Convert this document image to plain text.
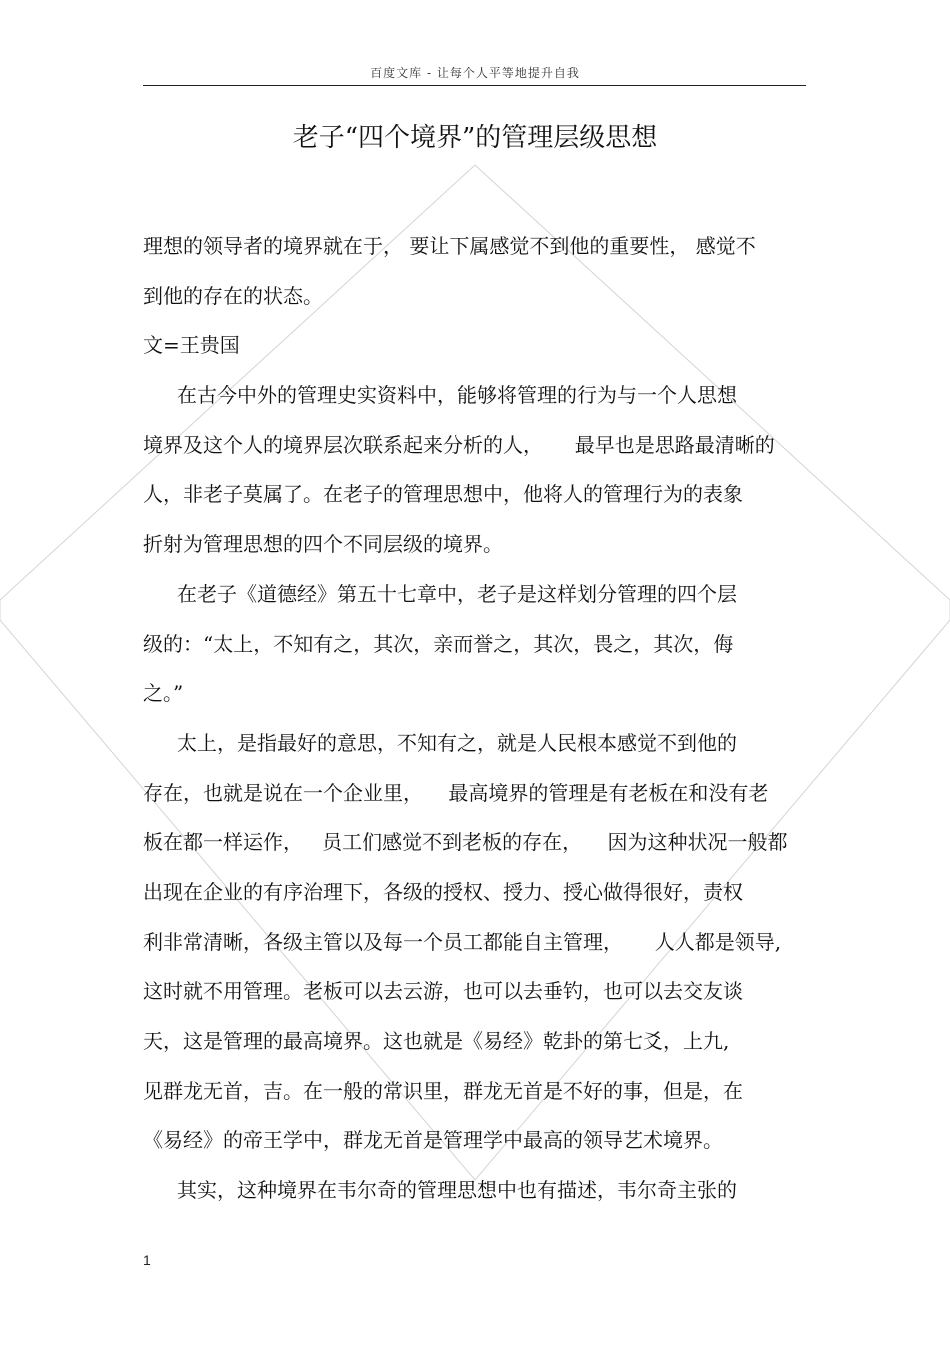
百度文库 - 让每个人平等地提升自我
老子“四个境界”的管理层级思想
理想的领导者的境界就在于， 要让下属感觉不到他的重要性， 感觉不
到他的存在的状态。
文=王贵国
在古今中外的管理史实资料中，能够将管理的行为与一个人思想
境界及这个人的境界层次联系起来分析的人，     最早也是思路最清晰的
人，非老子莫属了。在老子的管理思想中，他将人的管理行为的表象
折射为管理思想的四个不同层级的境界。
在老子《道德经》第五十七章中，老子是这样划分管理的四个层
级的：“太上，不知有之，其次，亲而誉之，其次，畏之，其次，侮
之。”
太上，是指最好的意思，不知有之，就是人民根本感觉不到他的
存在，也就是说在一个企业里，    最高境界的管理是有老板在和没有老
板在都一样运作，   员工们感觉不到老板的存在，    因为这种状况一般都
出现在企业的有序治理下，各级的授权、授力、授心做得很好，责权
利非常清晰，各级主管以及每一个员工都能自主管理，     人人都是领导,
这时就不用管理。老板可以去云游，也可以去垂钓，也可以去交友谈
天，这是管理的最高境界。这也就是《易经》乾卦的第七爻，上九,
见群龙无首，吉。在一般的常识里，群龙无首是不好的事，但是，在
《易经》的帝王学中，群龙无首是管理学中最高的领导艺术境界。
其实，这种境界在韦尔奇的管理思想中也有描述，韦尔奇主张的
1
